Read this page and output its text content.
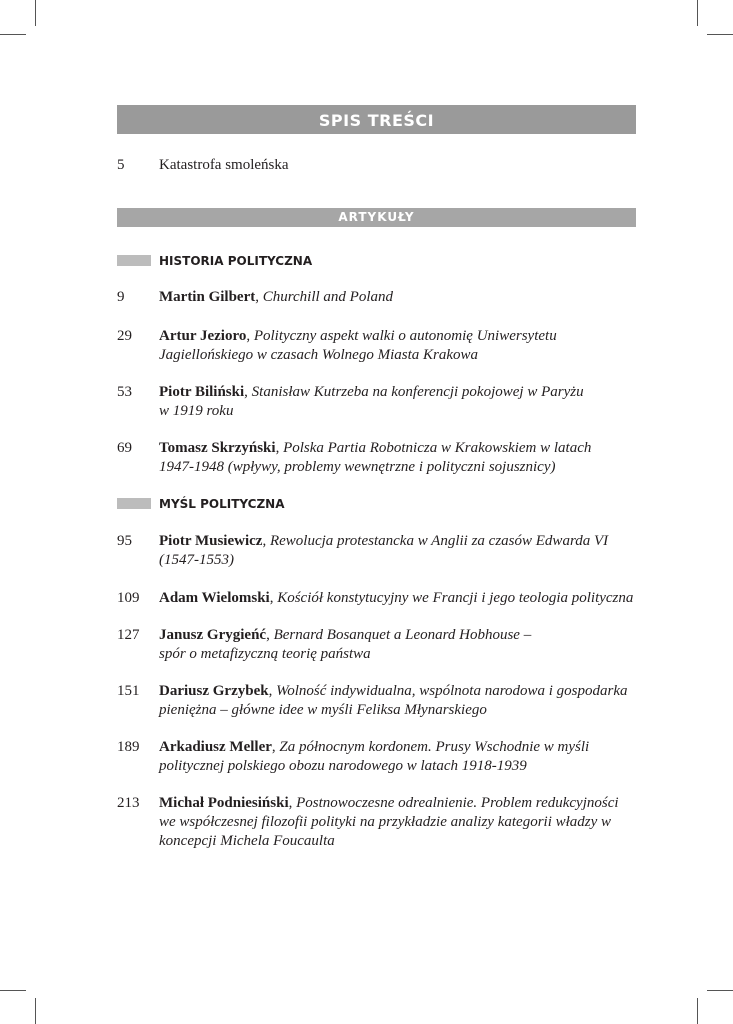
SPIS TREŚCI
5	Katastrofa smoleńska
ARTYKUŁY
HISTORIA POLITYCZNA
9 Martin Gilbert, Churchill and Poland
29 Artur Jezioro, Polityczny aspekt walki o autonomię Uniwersytetu Jagiellońskiego w czasach Wolnego Miasta Krakowa
53 Piotr Biliński, Stanisław Kutrzeba na konferencji pokojowej w Paryżu w 1919 roku
69 Tomasz Skrzyński, Polska Partia Robotnicza w Krakowskiem w latach 1947-1948 (wpływy, problemy wewnętrzne i polityczni sojusznicy)
MYŚL POLITYCZNA
95 Piotr Musiewicz, Rewolucja protestancka w Anglii za czasów Edwarda VI (1547-1553)
109 Adam Wielomski, Kościół konstytucyjny we Francji i jego teologia polityczna
127 Janusz Grygieńć, Bernard Bosanquet a Leonard Hobhouse – spór o metafizyczną teorię państwa
151 Dariusz Grzybek, Wolność indywidualna, wspólnota narodowa i gospodarka pieniężna – główne idee w myśli Feliksa Młynarskiego
189 Arkadiusz Meller, Za północnym kordonem. Prusy Wschodnie w myśli politycznej polskiego obozu narodowego w latach 1918-1939
213 Michał Podniesiński, Postnowoczesne odrealnienie. Problem redukcyjności we współczesnej filozofii polityki na przykładzie analizy kategorii władzy w koncepcji Michela Foucaulta
